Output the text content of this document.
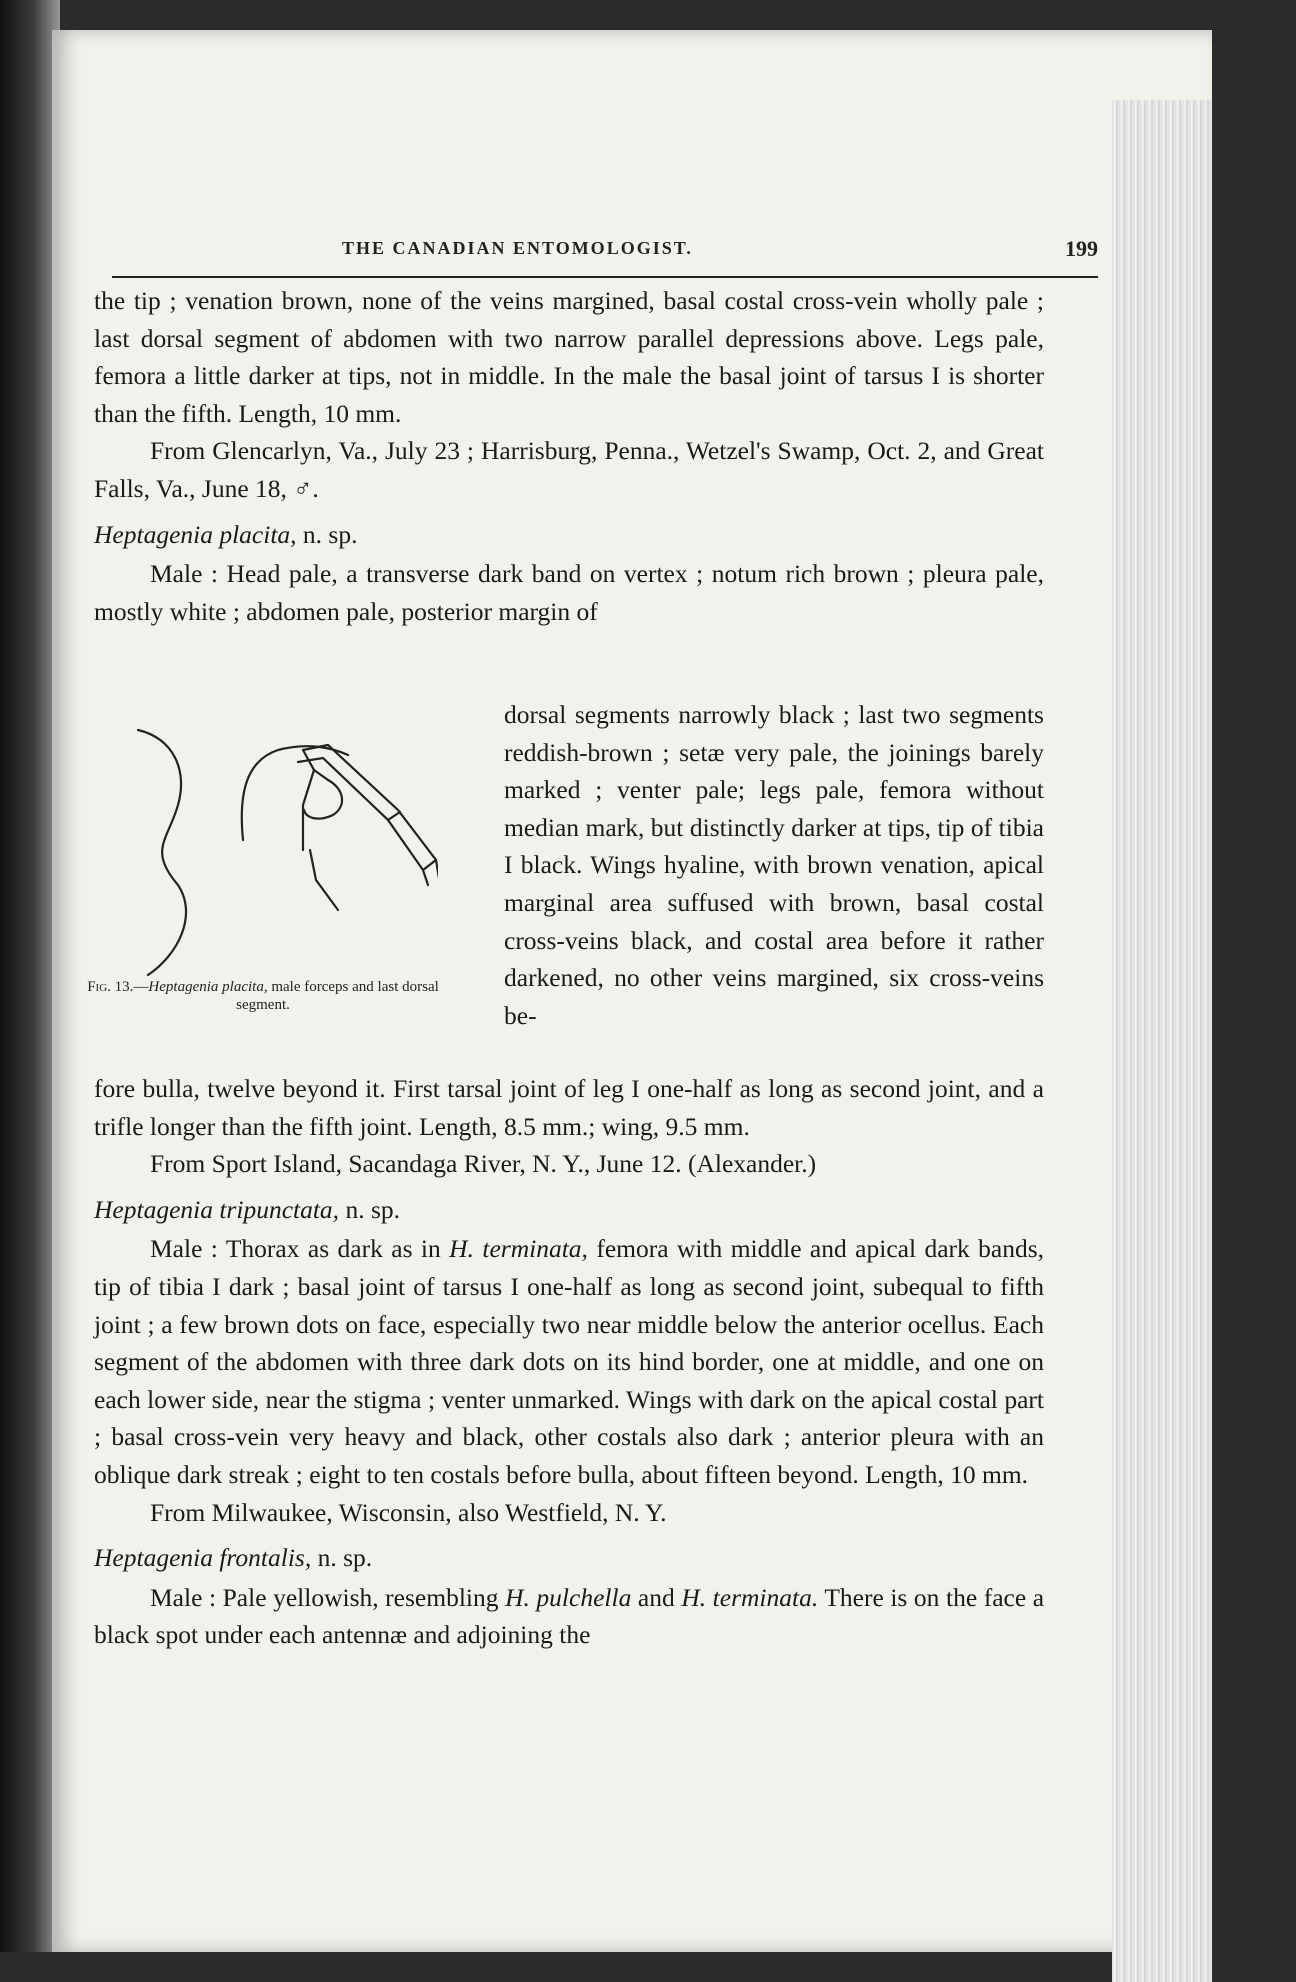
THE CANADIAN ENTOMOLOGIST.	199

the tip ; venation brown, none of the veins margined, basal costal cross-vein wholly pale ; last dorsal segment of abdomen with two narrow parallel depressions above. Legs pale, femora a little darker at tips, not in middle. In the male the basal joint of tarsus I is shorter than the fifth. Length, 10 mm.

From Glencarlyn, Va., July 23 ; Harrisburg, Penna., Wetzel's Swamp, Oct. 2, and Great Falls, Va., June 18, ♂.

Heptagenia placita, n. sp.

Male : Head pale, a transverse dark band on vertex ; notum rich brown ; pleura pale, mostly white ; abdomen pale, posterior margin of

Fig. 13.—Heptagenia placita, male forceps and last dorsal segment.

dorsal segments narrowly black ; last two segments reddish-brown ; setæ very pale, the joinings barely marked ; venter pale; legs pale, femora without median mark, but distinctly darker at tips, tip of tibia I black. Wings hyaline, with brown venation, apical marginal area suffused with brown, basal costal cross-veins black, and costal area before it rather darkened, no other veins margined, six cross-veins be-

fore bulla, twelve beyond it. First tarsal joint of leg I one-half as long as second joint, and a trifle longer than the fifth joint. Length, 8.5 mm.; wing, 9.5 mm.

From Sport Island, Sacandaga River, N. Y., June 12. (Alexander.)

Heptagenia tripunctata, n. sp.

Male : Thorax as dark as in H. terminata, femora with middle and apical dark bands, tip of tibia I dark ; basal joint of tarsus I one-half as long as second joint, subequal to fifth joint ; a few brown dots on face, especially two near middle below the anterior ocellus. Each segment of the abdomen with three dark dots on its hind border, one at middle, and one on each lower side, near the stigma ; venter unmarked. Wings with dark on the apical costal part ; basal cross-vein very heavy and black, other costals also dark ; anterior pleura with an oblique dark streak ; eight to ten costals before bulla, about fifteen beyond. Length, 10 mm.

From Milwaukee, Wisconsin, also Westfield, N. Y.

Heptagenia frontalis, n. sp.

Male : Pale yellowish, resembling H. pulchella and H. terminata. There is on the face a black spot under each antennæ and adjoining the
